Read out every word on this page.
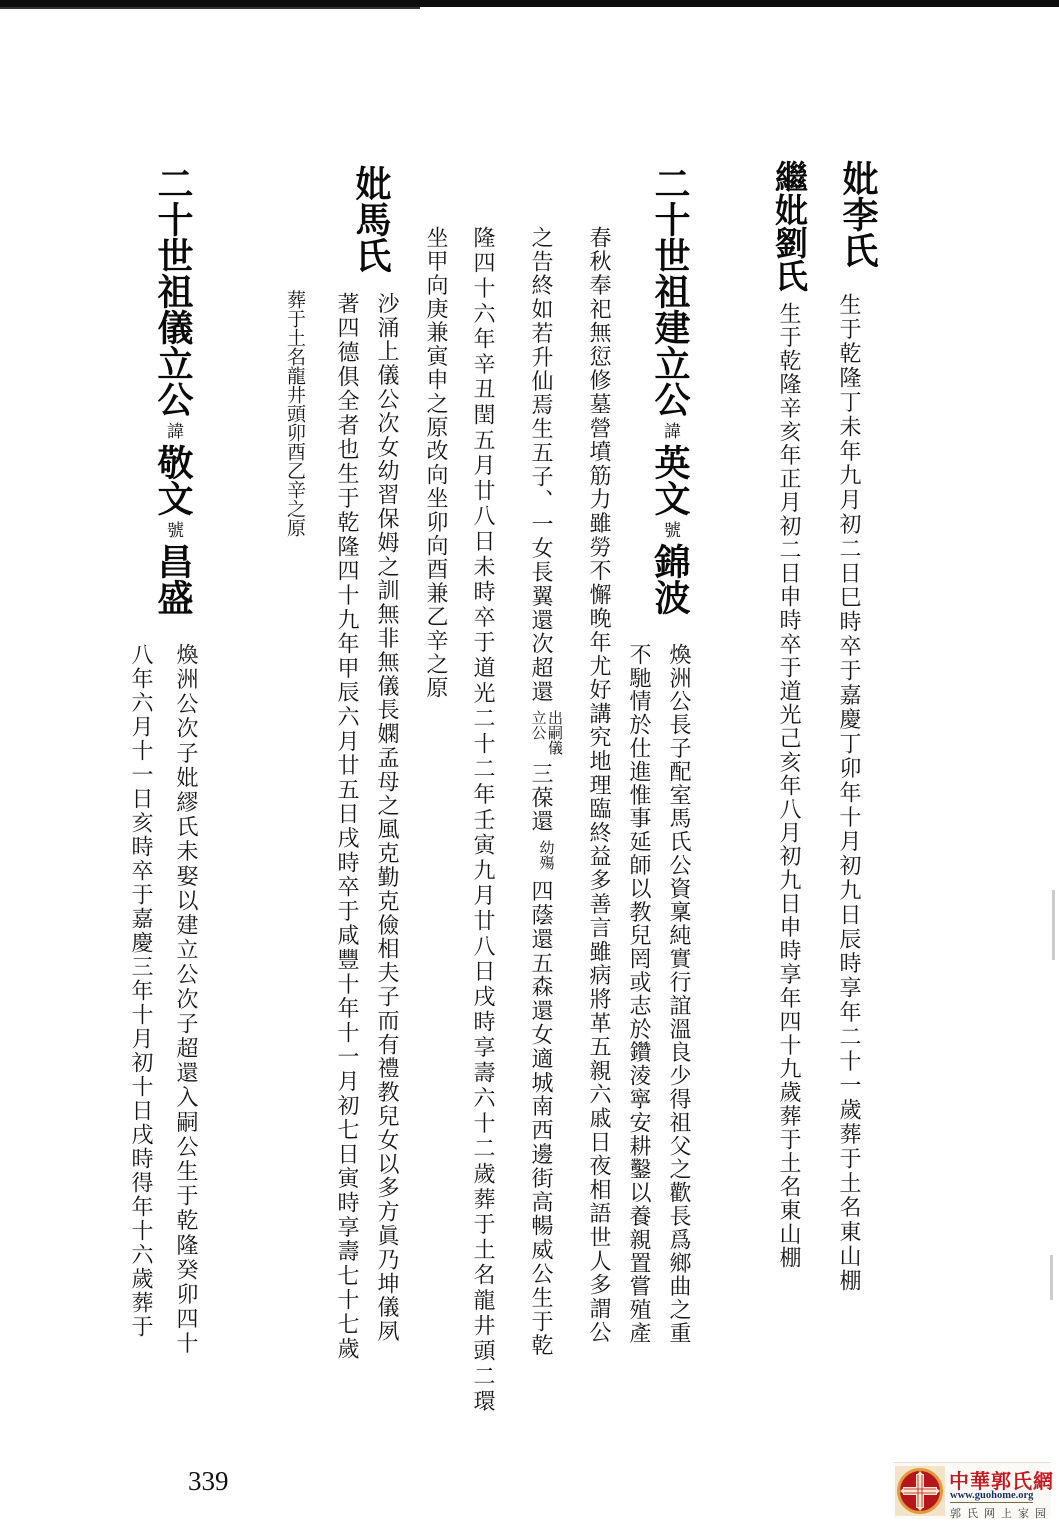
妣李氏
生于乾隆丁未年九月初二日巳時卒于嘉慶丁卯年十月初九日辰時享年二十一歲葬于土名東山棚
繼妣劉氏
生于乾隆辛亥年正月初二日申時卒于道光己亥年八月初九日申時享年四十九歲葬于土名東山棚
二十世祖建立公諱英文號錦波
煥洲公長子配室馬氏公資稟純實行誼溫良少得祖父之歡長爲鄉曲之重
不馳情於仕進惟事延師以教兒罔或志於鑽淩寧安耕鑿以養親置嘗殖產
春秋奉祀無愆修墓營墳筋力雖勞不懈晚年尤好講究地理臨終益多善言雖病將革五親六戚日夜相語世人多謂公
之告終如若升仙焉生五子、一女長翼還次超還
出嗣儀
立公
三葆還
幼殤
四蔭還五森還女適城南西邊街高暢威公生于乾
隆四十六年辛丑閏五月廿八日未時卒于道光二十二年壬寅九月廿八日戌時享壽六十二歲葬于土名龍井頭二環
坐甲向庚兼寅申之原改向坐卯向酉兼乙辛之原
妣馬氏
沙涌上儀公次女幼習保姆之訓無非無儀長嫻孟母之風克勤克儉相夫子而有禮教兒女以多方眞乃坤儀夙
著四德俱全者也生于乾隆四十九年甲辰六月廿五日戌時卒于咸豐十年十一月初七日寅時享壽七十七歲
葬于土名龍井頭卯酉乙辛之原
二十世祖儀立公諱敬文號昌盛
煥洲公次子妣繆氏未娶以建立公次子超還入嗣公生于乾隆癸卯四十
八年六月十一日亥時卒于嘉慶三年十月初十日戌時得年十六歲葬于
339	中華郭氏網
www.guohome.org
郭氏网上家园
